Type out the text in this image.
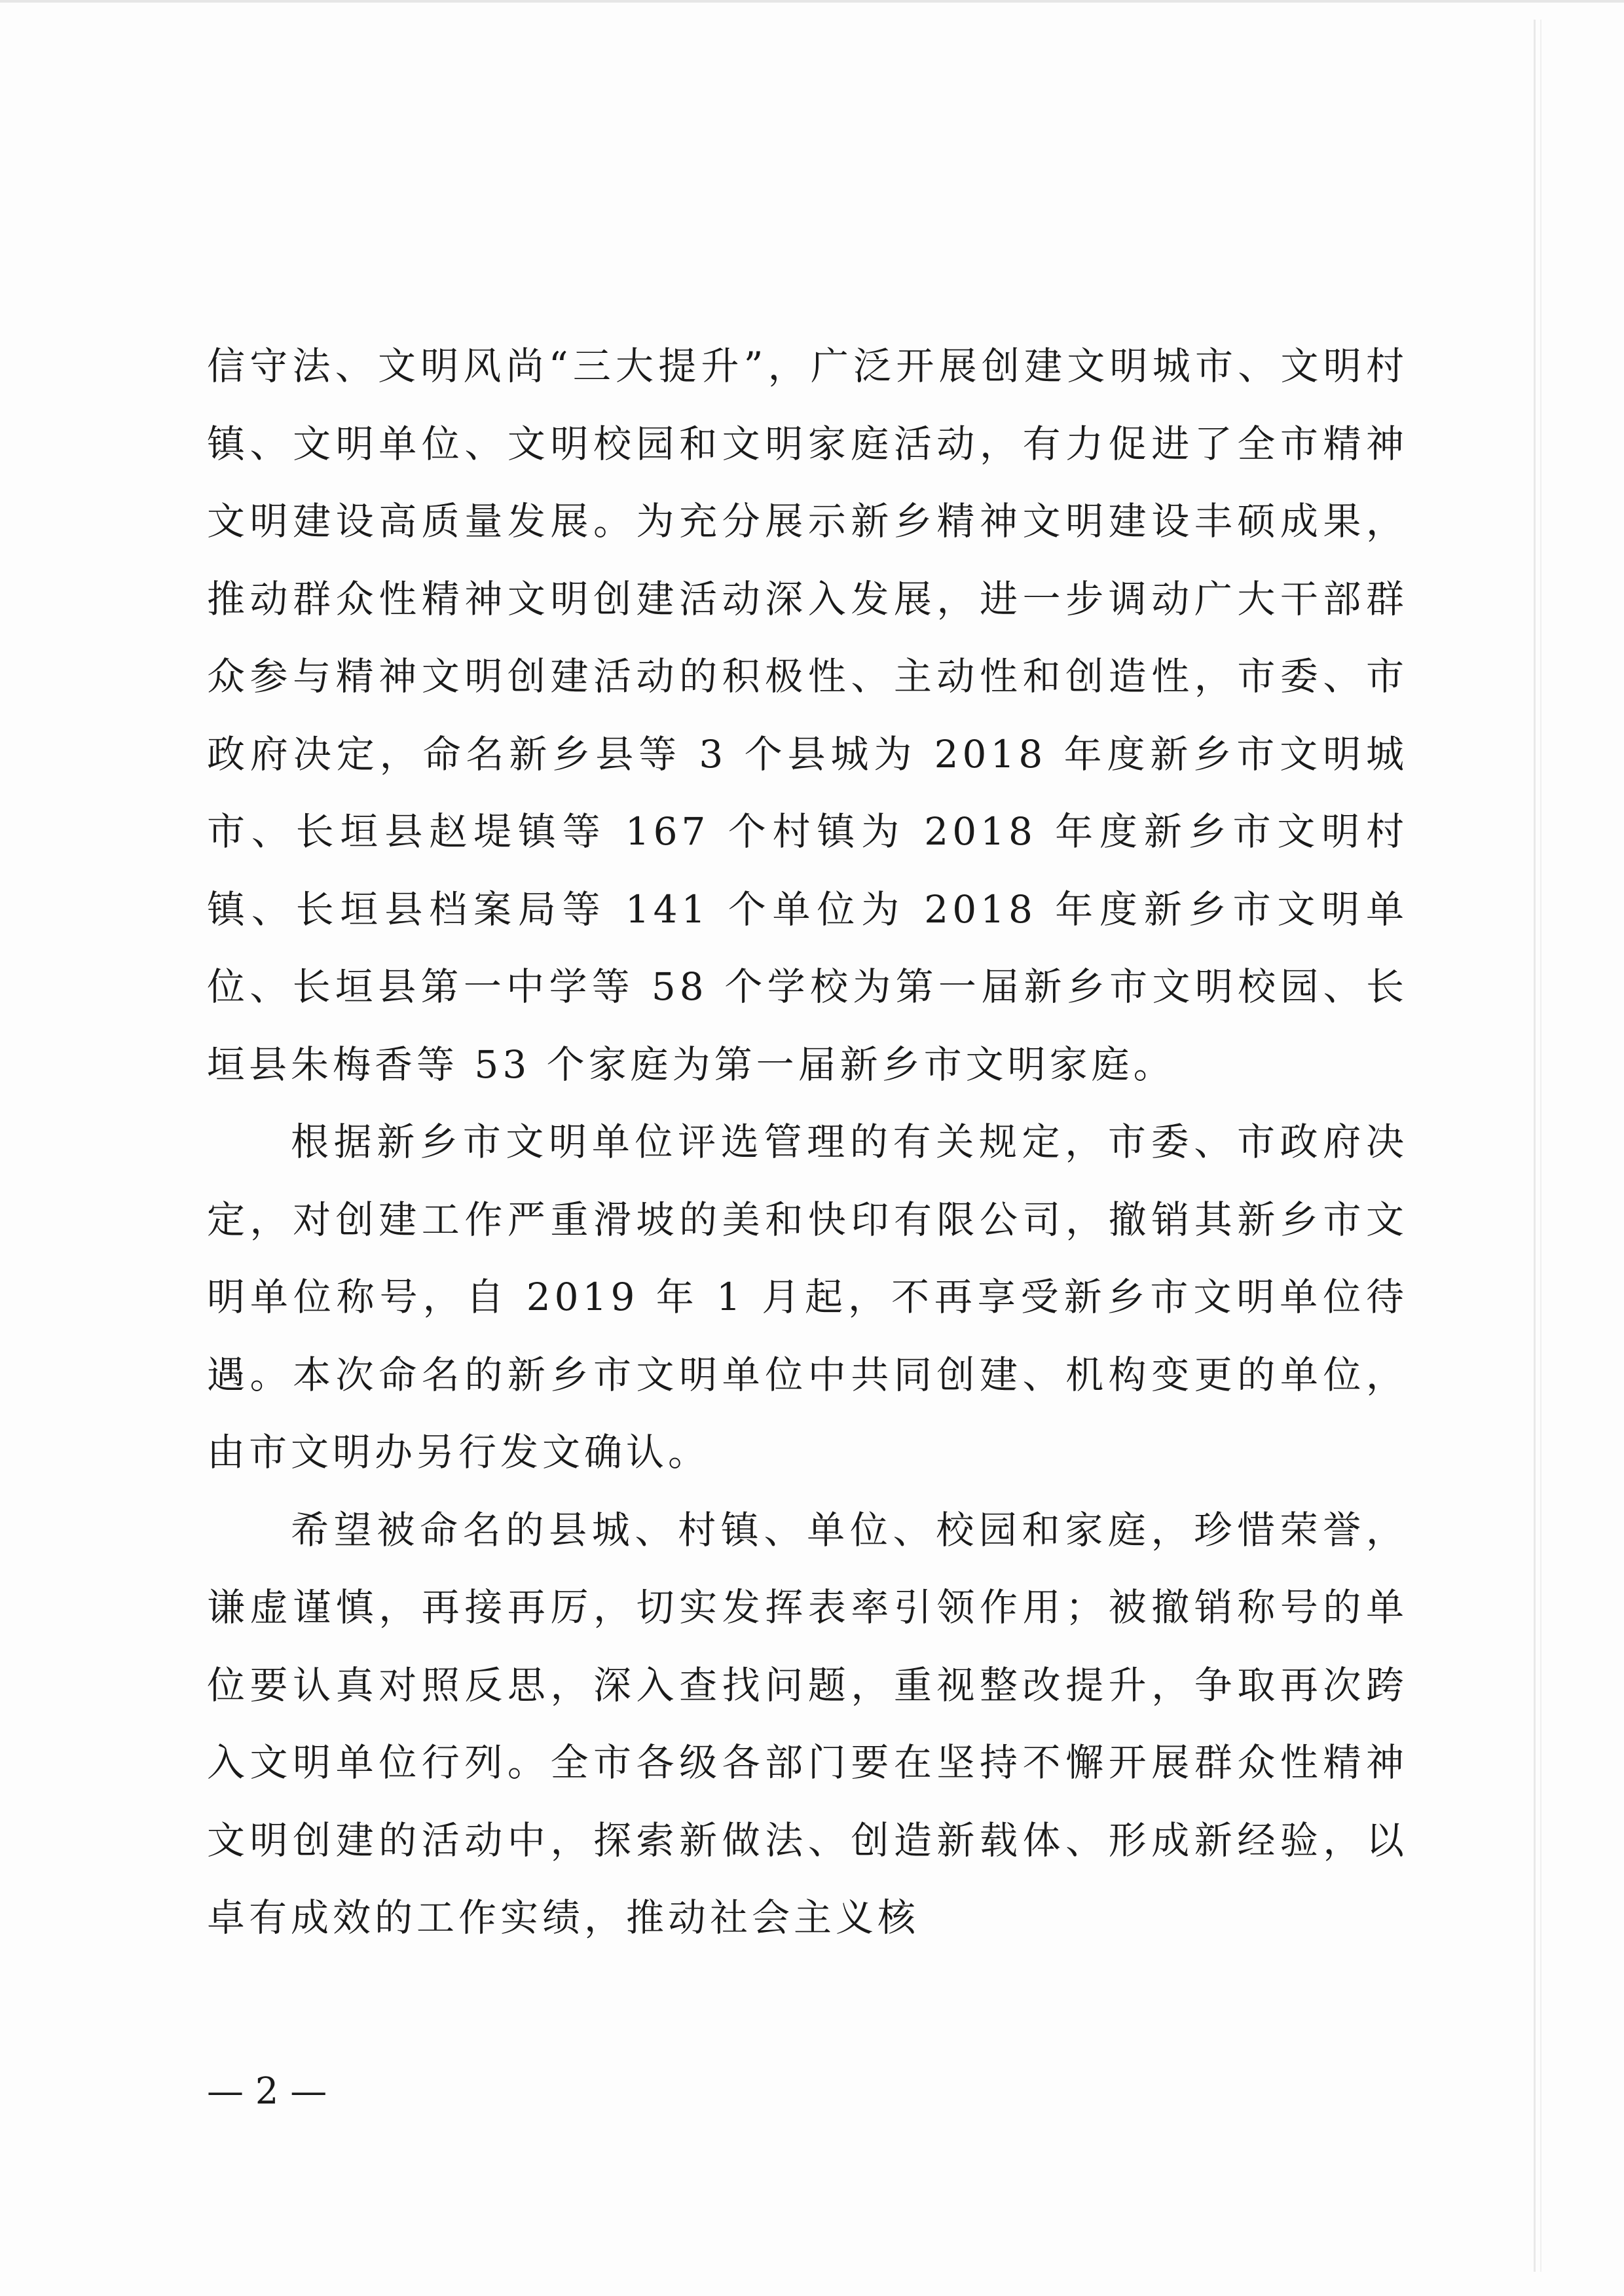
信守法、文明风尚“三大提升”，广泛开展创建文明城市、文明村镇、文明单位、文明校园和文明家庭活动，有力促进了全市精神文明建设高质量发展。为充分展示新乡精神文明建设丰硕成果，推动群众性精神文明创建活动深入发展，进一步调动广大干部群众参与精神文明创建活动的积极性、主动性和创造性，市委、市政府决定，命名新乡县等 3 个县城为 2018 年度新乡市文明城市、长垣县赵堤镇等 167 个村镇为 2018 年度新乡市文明村镇、长垣县档案局等 141 个单位为 2018 年度新乡市文明单位、长垣县第一中学等 58 个学校为第一届新乡市文明校园、长垣县朱梅香等 53 个家庭为第一届新乡市文明家庭。

根据新乡市文明单位评选管理的有关规定，市委、市政府决定，对创建工作严重滑坡的美和快印有限公司，撤销其新乡市文明单位称号，自 2019 年 1 月起，不再享受新乡市文明单位待遇。本次命名的新乡市文明单位中共同创建、机构变更的单位，由市文明办另行发文确认。

希望被命名的县城、村镇、单位、校园和家庭，珍惜荣誉，谦虚谨慎，再接再厉，切实发挥表率引领作用；被撤销称号的单位要认真对照反思，深入查找问题，重视整改提升，争取再次跨入文明单位行列。全市各级各部门要在坚持不懈开展群众性精神文明创建的活动中，探索新做法、创造新载体、形成新经验，以卓有成效的工作实绩，推动社会主义核

— 2 —
